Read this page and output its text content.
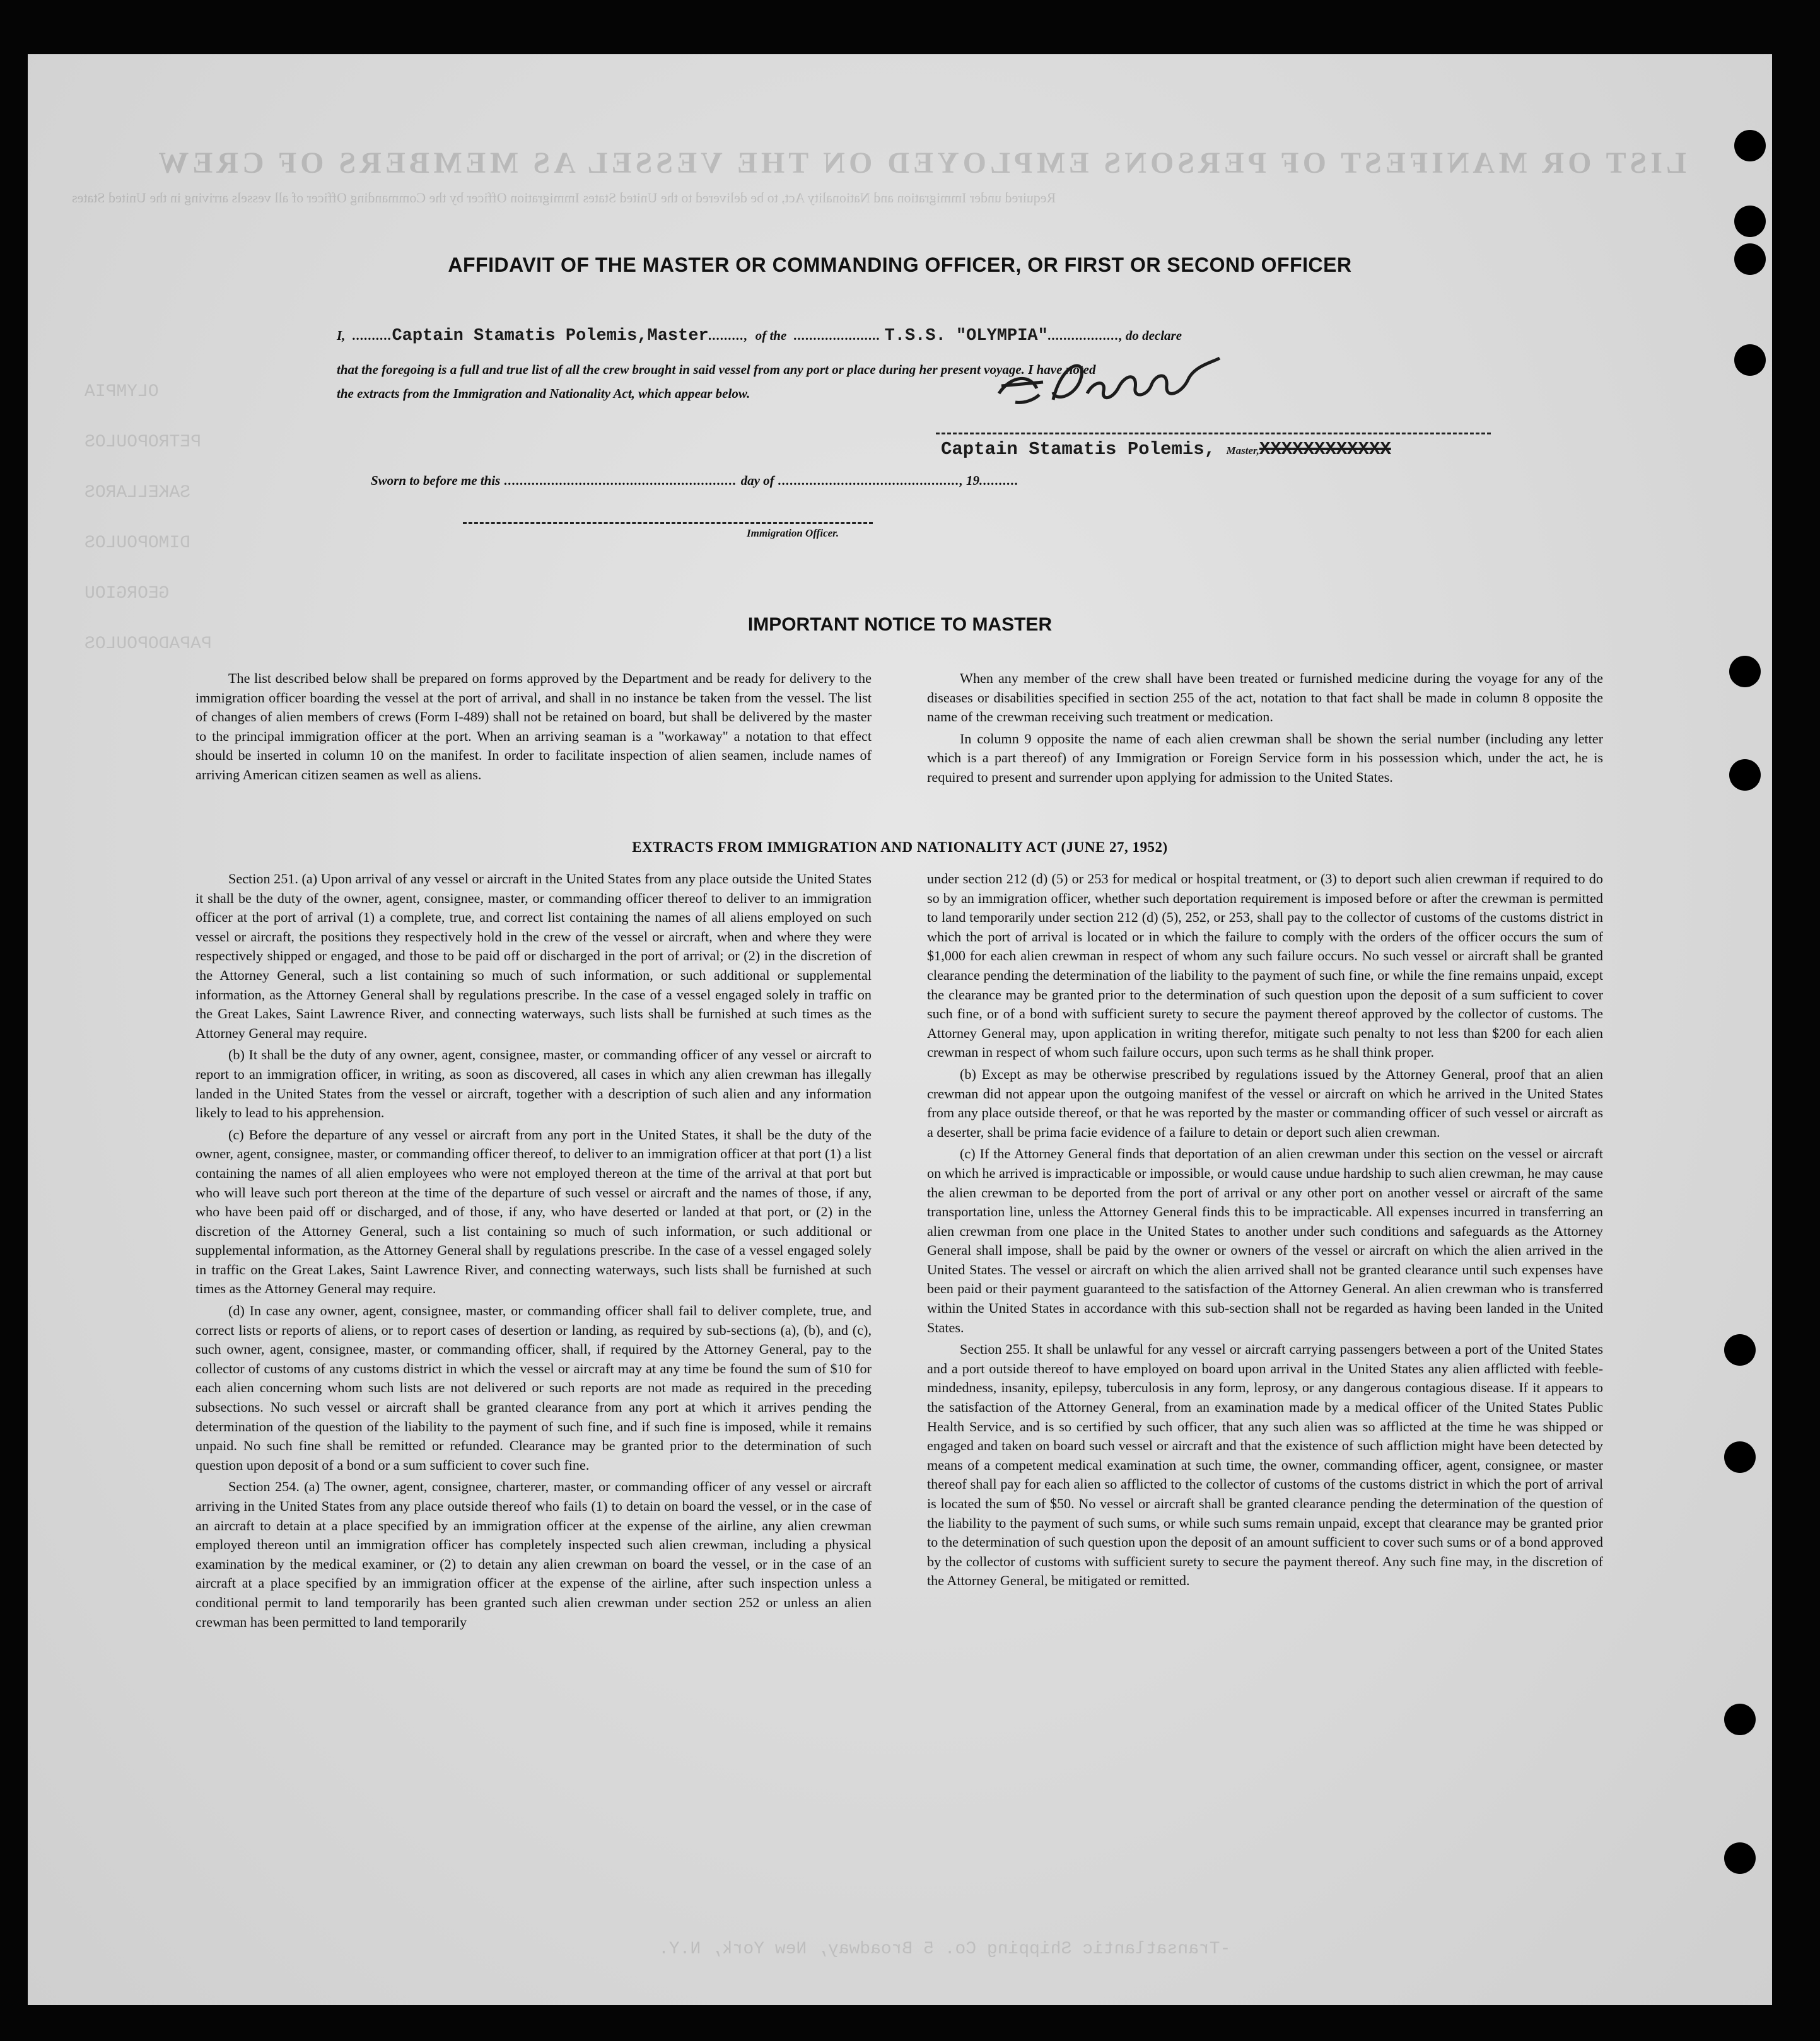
LIST OR MANIFEST OF PERSONS EMPLOYED ON THE VESSEL AS MEMBERS OF CREW
Required under Immigration and Nationality Act, to be delivered to the United States Immigration Officer by the Commanding Officer of all vessels arriving in the United States
OLYMPIA
PETROPOULOS
SAKELLAROS
DIMOPOULOS
GEORGIOU
PAPADOPOULOS
-Transatlantic Shipping Co. 5 Broadway, New York, N.Y.
AFFIDAVIT OF THE MASTER OR COMMANDING OFFICER, OR FIRST OR SECOND OFFICER
I,  ..........Captain Stamatis Polemis,Master.........,  of the  ...................... T.S.S. "OLYMPIA".................., do declare
that the foregoing is a full and true list of all the crew brought in said vessel from any port or place during her present voyage. I have noted
the extracts from the Immigration and Nationality Act, which appear below.
Captain Stamatis Polemis, Master,XXXXXXXXXXXX
Sworn to before me this ........................................................... day of .............................................., 19..........
Immigration Officer.
IMPORTANT NOTICE TO MASTER

The list described below shall be prepared on forms approved by the Department and be ready for delivery to the immigration officer boarding the vessel at the port of arrival, and shall in no instance be taken from the vessel. The list of changes of alien members of crews (Form I-489) shall not be retained on board, but shall be delivered by the master to the principal immigration officer at the port. When an arriving seaman is a "workaway" a notation to that effect should be inserted in column 10 on the manifest. In order to facilitate inspection of alien seamen, include names of arriving American citizen seamen as well as aliens.

When any member of the crew shall have been treated or furnished medicine during the voyage for any of the diseases or disabilities specified in section 255 of the act, notation to that fact shall be made in column 8 opposite the name of the crewman receiving such treatment or medication.

In column 9 opposite the name of each alien crewman shall be shown the serial number (including any letter which is a part thereof) of any Immigration or Foreign Service form in his possession which, under the act, he is required to present and surrender upon applying for admission to the United States.

EXTRACTS FROM IMMIGRATION AND NATIONALITY ACT (JUNE 27, 1952)

Section 251. (a) Upon arrival of any vessel or aircraft in the United States from any place outside the United States it shall be the duty of the owner, agent, consignee, master, or commanding officer thereof to deliver to an immigration officer at the port of arrival (1) a complete, true, and correct list containing the names of all aliens employed on such vessel or aircraft, the positions they respectively hold in the crew of the vessel or aircraft, when and where they were respectively shipped or engaged, and those to be paid off or discharged in the port of arrival; or (2) in the discretion of the Attorney General, such a list containing so much of such information, or such additional or supplemental information, as the Attorney General shall by regulations prescribe. In the case of a vessel engaged solely in traffic on the Great Lakes, Saint Lawrence River, and connecting waterways, such lists shall be furnished at such times as the Attorney General may require.

(b) It shall be the duty of any owner, agent, consignee, master, or commanding officer of any vessel or aircraft to report to an immigration officer, in writing, as soon as discovered, all cases in which any alien crewman has illegally landed in the United States from the vessel or aircraft, together with a description of such alien and any information likely to lead to his apprehension.

(c) Before the departure of any vessel or aircraft from any port in the United States, it shall be the duty of the owner, agent, consignee, master, or commanding officer thereof, to deliver to an immigration officer at that port (1) a list containing the names of all alien employees who were not employed thereon at the time of the arrival at that port but who will leave such port thereon at the time of the departure of such vessel or aircraft and the names of those, if any, who have been paid off or discharged, and of those, if any, who have deserted or landed at that port, or (2) in the discretion of the Attorney General, such a list containing so much of such information, or such additional or supplemental information, as the Attorney General shall by regulations prescribe. In the case of a vessel engaged solely in traffic on the Great Lakes, Saint Lawrence River, and connecting waterways, such lists shall be furnished at such times as the Attorney General may require.

(d) In case any owner, agent, consignee, master, or commanding officer shall fail to deliver complete, true, and correct lists or reports of aliens, or to report cases of desertion or landing, as required by sub-sections (a), (b), and (c), such owner, agent, consignee, master, or commanding officer, shall, if required by the Attorney General, pay to the collector of customs of any customs district in which the vessel or aircraft may at any time be found the sum of $10 for each alien concerning whom such lists are not delivered or such reports are not made as required in the preceding subsections. No such vessel or aircraft shall be granted clearance from any port at which it arrives pending the determination of the question of the liability to the payment of such fine, and if such fine is imposed, while it remains unpaid. No such fine shall be remitted or refunded. Clearance may be granted prior to the determination of such question upon deposit of a bond or a sum sufficient to cover such fine.

Section 254. (a) The owner, agent, consignee, charterer, master, or commanding officer of any vessel or aircraft arriving in the United States from any place outside thereof who fails (1) to detain on board the vessel, or in the case of an aircraft to detain at a place specified by an immigration officer at the expense of the airline, any alien crewman employed thereon until an immigration officer has completely inspected such alien crewman, including a physical examination by the medical examiner, or (2) to detain any alien crewman on board the vessel, or in the case of an aircraft at a place specified by an immigration officer at the expense of the airline, after such inspection unless a conditional permit to land temporarily has been granted such alien crewman under section 252 or unless an alien crewman has been permitted to land temporarily

under section 212 (d) (5) or 253 for medical or hospital treatment, or (3) to deport such alien crewman if required to do so by an immigration officer, whether such deportation requirement is imposed before or after the crewman is permitted to land temporarily under section 212 (d) (5), 252, or 253, shall pay to the collector of customs of the customs district in which the port of arrival is located or in which the failure to comply with the orders of the officer occurs the sum of $1,000 for each alien crewman in respect of whom any such failure occurs. No such vessel or aircraft shall be granted clearance pending the determination of the liability to the payment of such fine, or while the fine remains unpaid, except the clearance may be granted prior to the determination of such question upon the deposit of a sum sufficient to cover such fine, or of a bond with sufficient surety to secure the payment thereof approved by the collector of customs. The Attorney General may, upon application in writing therefor, mitigate such penalty to not less than $200 for each alien crewman in respect of whom such failure occurs, upon such terms as he shall think proper.

(b) Except as may be otherwise prescribed by regulations issued by the Attorney General, proof that an alien crewman did not appear upon the outgoing manifest of the vessel or aircraft on which he arrived in the United States from any place outside thereof, or that he was reported by the master or commanding officer of such vessel or aircraft as a deserter, shall be prima facie evidence of a failure to detain or deport such alien crewman.

(c) If the Attorney General finds that deportation of an alien crewman under this section on the vessel or aircraft on which he arrived is impracticable or impossible, or would cause undue hardship to such alien crewman, he may cause the alien crewman to be deported from the port of arrival or any other port on another vessel or aircraft of the same transportation line, unless the Attorney General finds this to be impracticable. All expenses incurred in transferring an alien crewman from one place in the United States to another under such conditions and safeguards as the Attorney General shall impose, shall be paid by the owner or owners of the vessel or aircraft on which the alien arrived in the United States. The vessel or aircraft on which the alien arrived shall not be granted clearance until such expenses have been paid or their payment guaranteed to the satisfaction of the Attorney General. An alien crewman who is transferred within the United States in accordance with this sub-section shall not be regarded as having been landed in the United States.

Section 255. It shall be unlawful for any vessel or aircraft carrying passengers between a port of the United States and a port outside thereof to have employed on board upon arrival in the United States any alien afflicted with feeble-mindedness, insanity, epilepsy, tuberculosis in any form, leprosy, or any dangerous contagious disease. If it appears to the satisfaction of the Attorney General, from an examination made by a medical officer of the United States Public Health Service, and is so certified by such officer, that any such alien was so afflicted at the time he was shipped or engaged and taken on board such vessel or aircraft and that the existence of such affliction might have been detected by means of a competent medical examination at such time, the owner, commanding officer, agent, consignee, or master thereof shall pay for each alien so afflicted to the collector of customs of the customs district in which the port of arrival is located the sum of $50. No vessel or aircraft shall be granted clearance pending the determination of the question of the liability to the payment of such sums, or while such sums remain unpaid, except that clearance may be granted prior to the determination of such question upon the deposit of an amount sufficient to cover such sums or of a bond approved by the collector of customs with sufficient surety to secure the payment thereof. Any such fine may, in the discretion of the Attorney General, be mitigated or remitted.
